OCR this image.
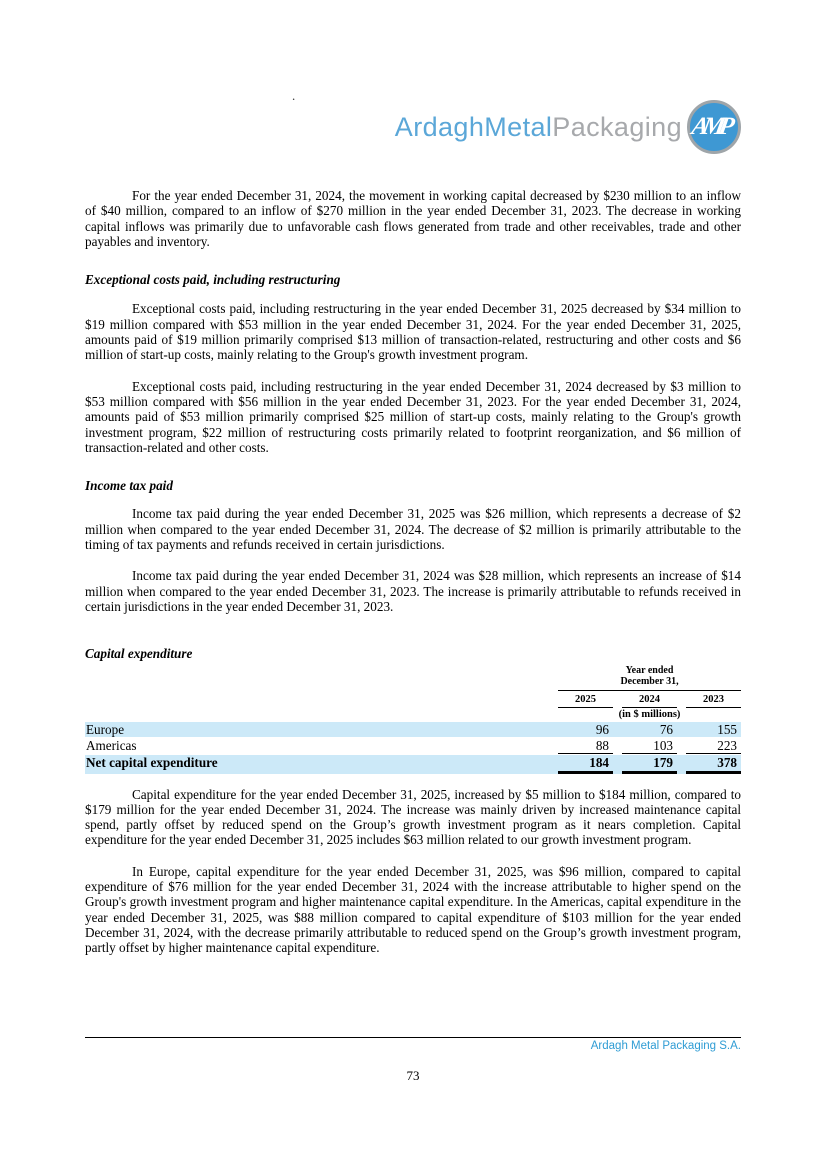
.
ArdaghMetalPackaging AMP

For the year ended December 31, 2024, the movement in working capital decreased by $230 million to an inflow of $40 million, compared to an inflow of $270 million in the year ended December 31, 2023. The decrease in working capital inflows was primarily due to unfavorable cash flows generated from trade and other receivables, trade and other payables and inventory.

Exceptional costs paid, including restructuring

Exceptional costs paid, including restructuring in the year ended December 31, 2025 decreased by $34 million to $19 million compared with $53 million in the year ended December 31, 2024. For the year ended December 31, 2025, amounts paid of $19 million primarily comprised $13 million of transaction-related, restructuring and other costs and $6 million of start-up costs, mainly relating to the Group's growth investment program.

Exceptional costs paid, including restructuring in the year ended December 31, 2024 decreased by $3 million to $53 million compared with $56 million in the year ended December 31, 2023. For the year ended December 31, 2024, amounts paid of $53 million primarily comprised $25 million of start-up costs, mainly relating to the Group's growth investment program, $22 million of restructuring costs primarily related to footprint reorganization, and $6 million of transaction-related and other costs.

Income tax paid

Income tax paid during the year ended December 31, 2025 was $26 million, which represents a decrease of $2 million when compared to the year ended December 31, 2024. The decrease of $2 million is primarily attributable to the timing of tax payments and refunds received in certain jurisdictions.

Income tax paid during the year ended December 31, 2024 was $28 million, which represents an increase of $14 million when compared to the year ended December 31, 2023. The increase is primarily attributable to refunds received in certain jurisdictions in the year ended December 31, 2023.

Capital expenditure
Year ended
December 31,
2025	2024	2023
(in $ millions)
Europe	96	76	155
Americas	88	103	223
Net capital expenditure	184	179	378

Capital expenditure for the year ended December 31, 2025, increased by $5 million to $184 million, compared to $179 million for the year ended December 31, 2024. The increase was mainly driven by increased maintenance capital spend, partly offset by reduced spend on the Group’s growth investment program as it nears completion. Capital expenditure for the year ended December 31, 2025 includes $63 million related to our growth investment program.

In Europe, capital expenditure for the year ended December 31, 2025, was $96 million, compared to capital expenditure of $76 million for the year ended December 31, 2024 with the increase attributable to higher spend on the Group's growth investment program and higher maintenance capital expenditure. In the Americas, capital expenditure in the year ended December 31, 2025, was $88 million compared to capital expenditure of $103 million for the year ended December 31, 2024, with the decrease primarily attributable to reduced spend on the Group’s growth investment program, partly offset by higher maintenance capital expenditure.

Ardagh Metal Packaging S.A.
73
